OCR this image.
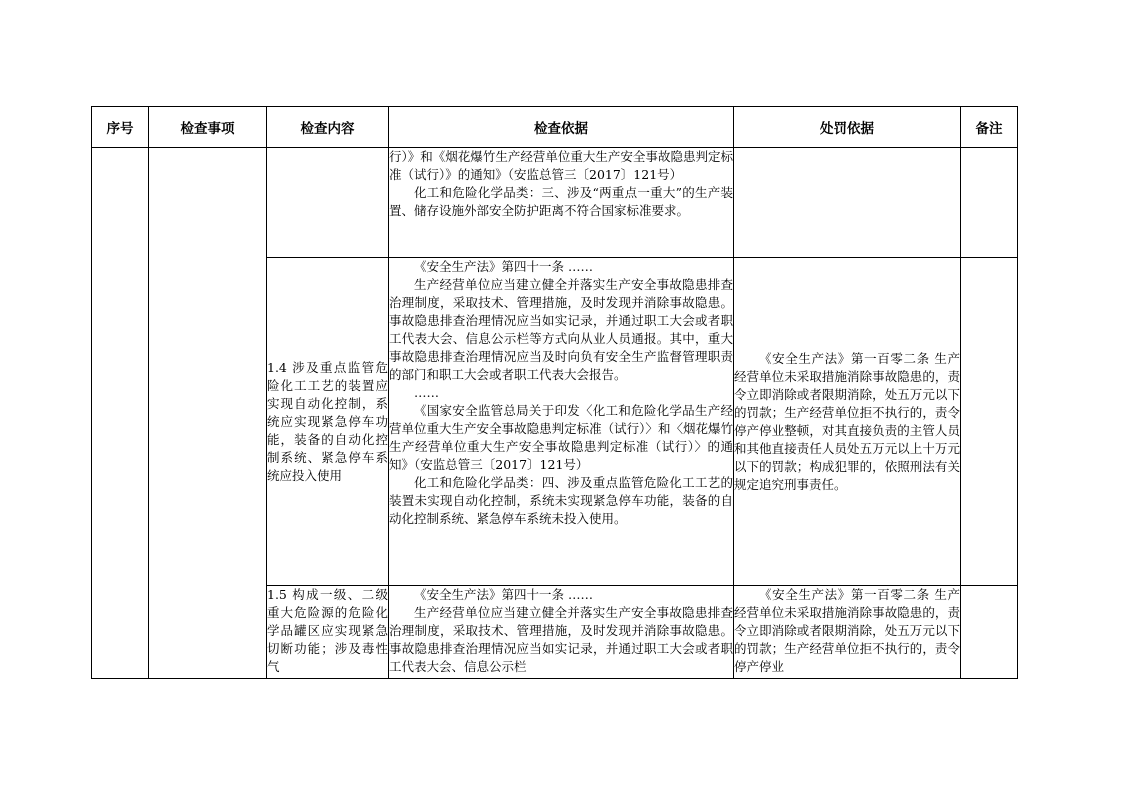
序号	检查事项	检查内容	检查依据	处罚依据	备注

			行）》和《烟花爆竹生产经营单位重大生产安全事故隐患判定标准（试行）》的通知》（安监总管三〔2017〕121号）

化工和危险化学品类：三、涉及“两重点一重大”的生产装置、储存设施外部安全防护距离不符合国家标准要求。		

		1.4 涉及重点监管危险化工工艺的装置应实现自动化控制，系统应实现紧急停车功能，装备的自动化控制系统、紧急停车系统应投入使用	《安全生产法》第四十一条 ……

生产经营单位应当建立健全并落实生产安全事故隐患排查治理制度，采取技术、管理措施，及时发现并消除事故隐患。事故隐患排查治理情况应当如实记录，并通过职工大会或者职工代表大会、信息公示栏等方式向从业人员通报。其中，重大事故隐患排查治理情况应当及时向负有安全生产监督管理职责的部门和职工大会或者职工代表大会报告。

……

《国家安全监管总局关于印发〈化工和危险化学品生产经营单位重大生产安全事故隐患判定标准（试行）〉和〈烟花爆竹生产经营单位重大生产安全事故隐患判定标准（试行）〉的通知》（安监总管三〔2017〕121号）

化工和危险化学品类：四、涉及重点监管危险化工工艺的装置未实现自动化控制，系统未实现紧急停车功能，装备的自动化控制系统、紧急停车系统未投入使用。	《安全生产法》第一百零二条 生产经营单位未采取措施消除事故隐患的，责令立即消除或者限期消除，处五万元以下的罚款；生产经营单位拒不执行的，责令停产停业整顿，对其直接负责的主管人员和其他直接责任人员处五万元以上十万元以下的罚款；构成犯罪的，依照刑法有关规定追究刑事责任。	

		1.5 构成一级、二级重大危险源的危险化学品罐区应实现紧急切断功能；涉及毒性气	《安全生产法》第四十一条 ……

生产经营单位应当建立健全并落实生产安全事故隐患排查治理制度，采取技术、管理措施，及时发现并消除事故隐患。事故隐患排查治理情况应当如实记录，并通过职工大会或者职工代表大会、信息公示栏	《安全生产法》第一百零二条 生产经营单位未采取措施消除事故隐患的，责令立即消除或者限期消除，处五万元以下的罚款；生产经营单位拒不执行的，责令停产停业	
